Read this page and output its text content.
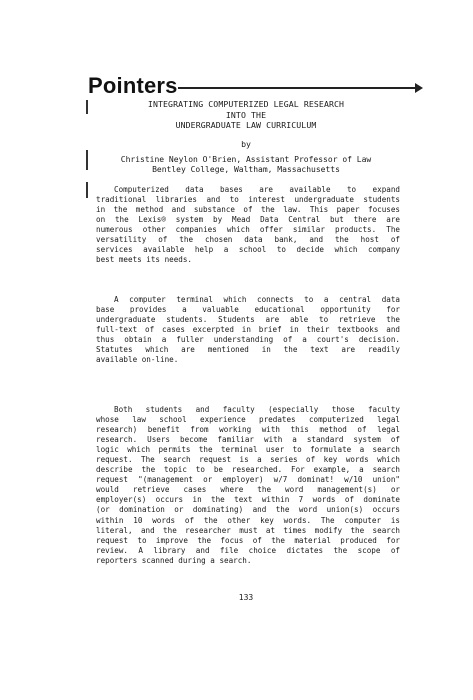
Pointers
INTEGRATING COMPUTERIZED LEGAL RESEARCH
INTO THE
UNDERGRADUATE LAW CURRICULUM
by
Christine Neylon O'Brien, Assistant Professor of Law
Bentley College, Waltham, Massachusetts
Computerized data bases are available to expand
traditional libraries and to interest undergraduate students
in the method and substance of the law. This paper focuses
on the Lexis® system by Mead Data Central but there are
numerous other companies which offer similar products. The
versatility of the chosen data bank, and the host of
services available help a school to decide which company
best meets its needs.
A computer terminal which connects to a central data
base provides a valuable educational opportunity for
undergraduate students. Students are able to retrieve the
full-text of cases excerpted in brief in their textbooks and
thus obtain a fuller understanding of a court's decision.
Statutes which are mentioned in the text are readily
available on-line.
Both students and faculty (especially those faculty
whose law school experience predates computerized legal
research) benefit from working with this method of legal
research. Users become familiar with a standard system of
logic which permits the terminal user to formulate a search
request. The search request is a series of key words which
describe the topic to be researched. For example, a search
request "(management or employer) w/7 dominat! w/10 union"
would retrieve cases where the word management(s) or
employer(s) occurs in the text within 7 words of dominate
(or domination or dominating) and the word union(s) occurs
within 10 words of the other key words. The computer is
literal, and the researcher must at times modify the search
request to improve the focus of the material produced for
review. A library and file choice dictates the scope of
reporters scanned during a search.
133
